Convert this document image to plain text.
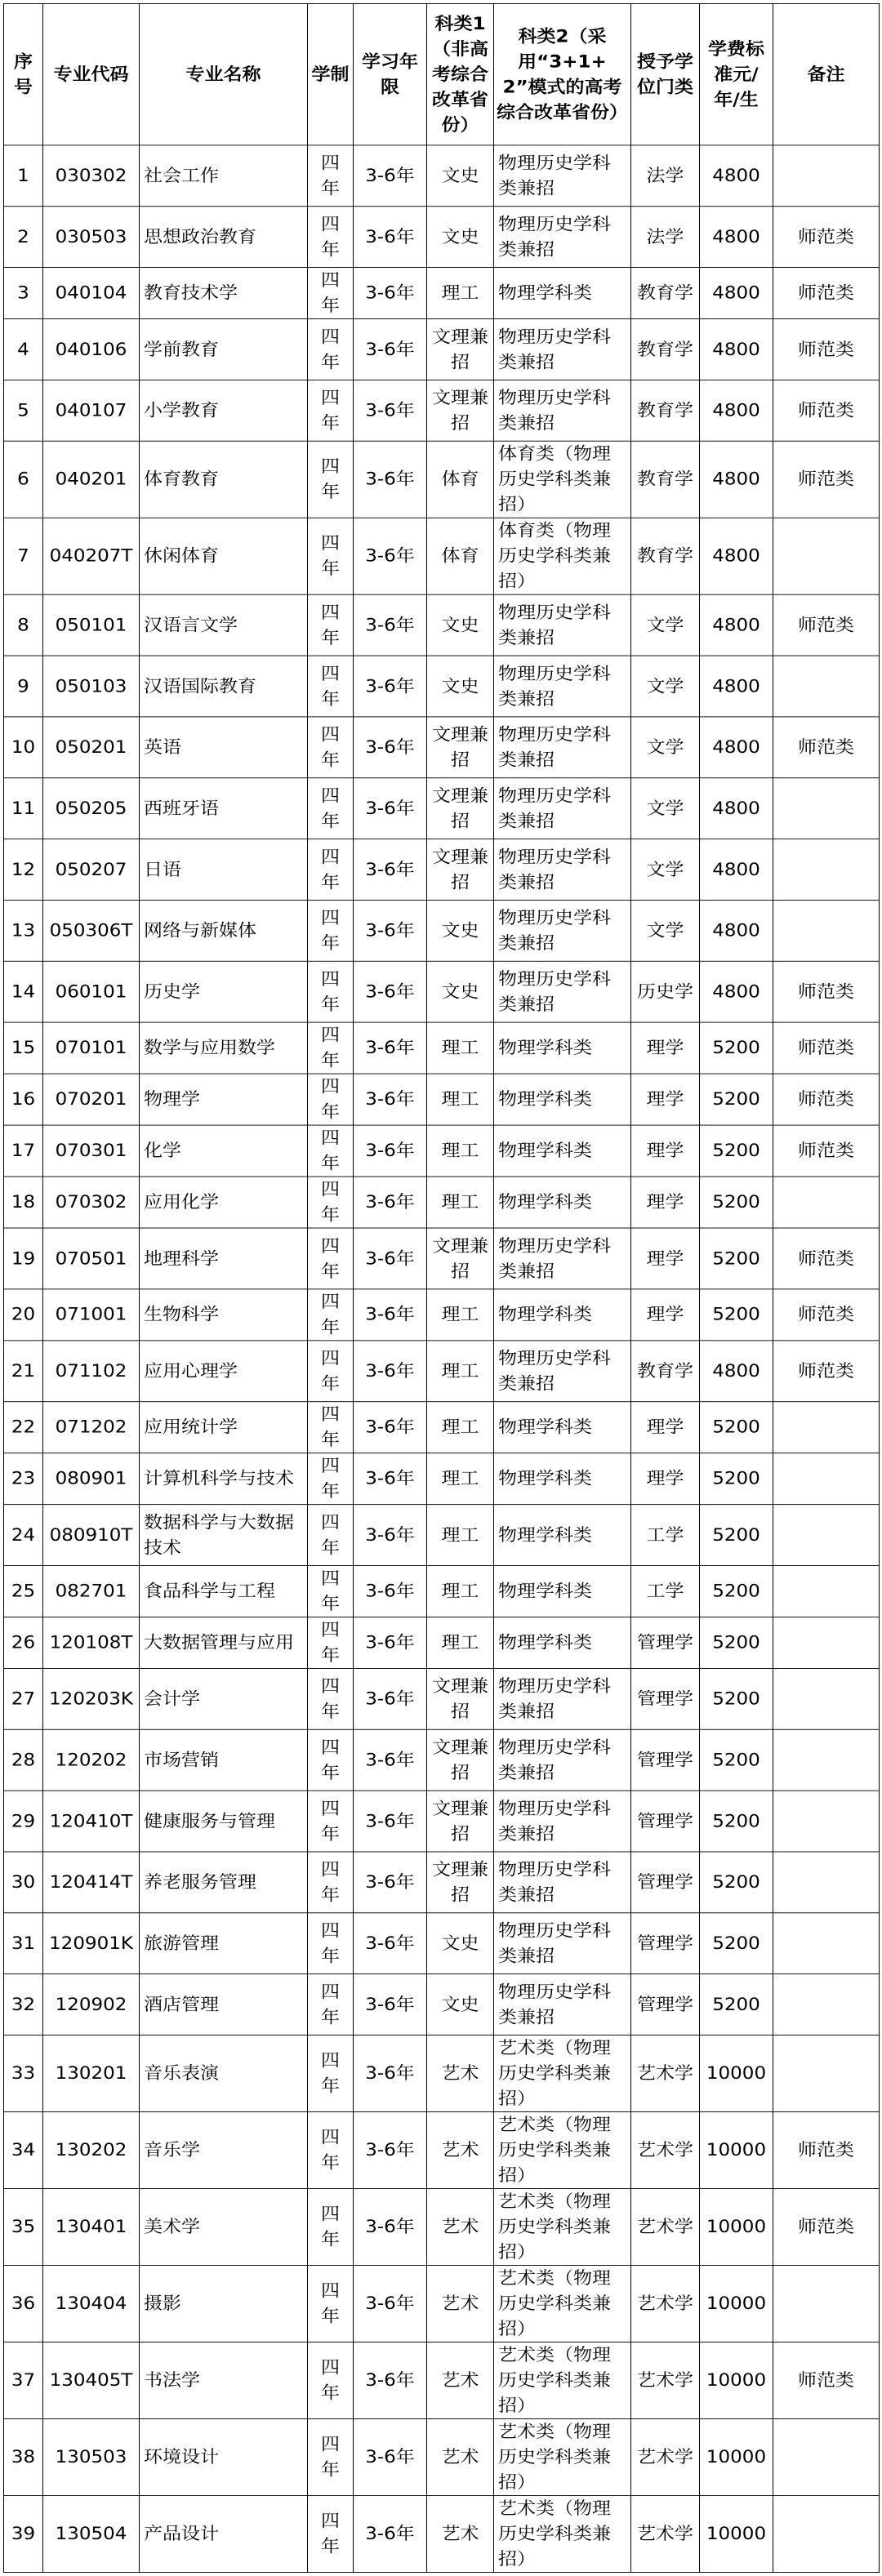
序号	专业代码	专业名称	学制	学习年限	科类1（非高考综合改革省份）	科类2（采用“3+1+2”模式的高考综合改革省份）	授予学位门类	学费标准元/年/生	备注
1	030302	社会工作	四年	3-6年	文史	物理历史学科类兼招	法学	4800	
2	030503	思想政治教育	四年	3-6年	文史	物理历史学科类兼招	法学	4800	师范类
3	040104	教育技术学	四年	3-6年	理工	物理学科类	教育学	4800	师范类
4	040106	学前教育	四年	3-6年	文理兼招	物理历史学科类兼招	教育学	4800	师范类
5	040107	小学教育	四年	3-6年	文理兼招	物理历史学科类兼招	教育学	4800	师范类
6	040201	体育教育	四年	3-6年	体育	体育类（物理历史学科类兼招）	教育学	4800	师范类
7	040207T	休闲体育	四年	3-6年	体育	体育类（物理历史学科类兼招）	教育学	4800	
8	050101	汉语言文学	四年	3-6年	文史	物理历史学科类兼招	文学	4800	师范类
9	050103	汉语国际教育	四年	3-6年	文史	物理历史学科类兼招	文学	4800	
10	050201	英语	四年	3-6年	文理兼招	物理历史学科类兼招	文学	4800	师范类
11	050205	西班牙语	四年	3-6年	文理兼招	物理历史学科类兼招	文学	4800	
12	050207	日语	四年	3-6年	文理兼招	物理历史学科类兼招	文学	4800	
13	050306T	网络与新媒体	四年	3-6年	文史	物理历史学科类兼招	文学	4800	
14	060101	历史学	四年	3-6年	文史	物理历史学科类兼招	历史学	4800	师范类
15	070101	数学与应用数学	四年	3-6年	理工	物理学科类	理学	5200	师范类
16	070201	物理学	四年	3-6年	理工	物理学科类	理学	5200	师范类
17	070301	化学	四年	3-6年	理工	物理学科类	理学	5200	师范类
18	070302	应用化学	四年	3-6年	理工	物理学科类	理学	5200	
19	070501	地理科学	四年	3-6年	文理兼招	物理历史学科类兼招	理学	5200	师范类
20	071001	生物科学	四年	3-6年	理工	物理学科类	理学	5200	师范类
21	071102	应用心理学	四年	3-6年	理工	物理历史学科类兼招	教育学	4800	师范类
22	071202	应用统计学	四年	3-6年	理工	物理学科类	理学	5200	
23	080901	计算机科学与技术	四年	3-6年	理工	物理学科类	理学	5200	
24	080910T	数据科学与大数据技术	四年	3-6年	理工	物理学科类	工学	5200	
25	082701	食品科学与工程	四年	3-6年	理工	物理学科类	工学	5200	
26	120108T	大数据管理与应用	四年	3-6年	理工	物理学科类	管理学	5200	
27	120203K	会计学	四年	3-6年	文理兼招	物理历史学科类兼招	管理学	5200	
28	120202	市场营销	四年	3-6年	文理兼招	物理历史学科类兼招	管理学	5200	
29	120410T	健康服务与管理	四年	3-6年	文理兼招	物理历史学科类兼招	管理学	5200	
30	120414T	养老服务管理	四年	3-6年	文理兼招	物理历史学科类兼招	管理学	5200	
31	120901K	旅游管理	四年	3-6年	文史	物理历史学科类兼招	管理学	5200	
32	120902	酒店管理	四年	3-6年	文史	物理历史学科类兼招	管理学	5200	
33	130201	音乐表演	四年	3-6年	艺术	艺术类（物理历史学科类兼招）	艺术学	10000	
34	130202	音乐学	四年	3-6年	艺术	艺术类（物理历史学科类兼招）	艺术学	10000	师范类
35	130401	美术学	四年	3-6年	艺术	艺术类（物理历史学科类兼招）	艺术学	10000	师范类
36	130404	摄影	四年	3-6年	艺术	艺术类（物理历史学科类兼招）	艺术学	10000	
37	130405T	书法学	四年	3-6年	艺术	艺术类（物理历史学科类兼招）	艺术学	10000	师范类
38	130503	环境设计	四年	3-6年	艺术	艺术类（物理历史学科类兼招）	艺术学	10000	
39	130504	产品设计	四年	3-6年	艺术	艺术类（物理历史学科类兼招）	艺术学	10000	
